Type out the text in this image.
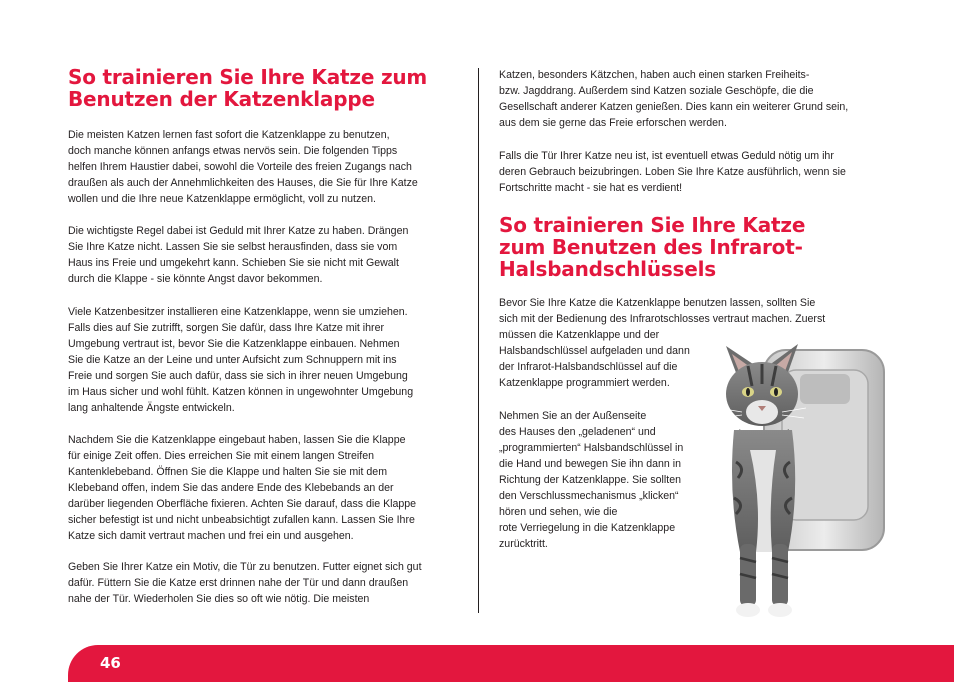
So trainieren Sie Ihre Katze zum
Benutzen der Katzenklappe
Die meisten Katzen lernen fast sofort die Katzenklappe zu benutzen,
doch manche können anfangs etwas nervös sein. Die folgenden Tipps
helfen Ihrem Haustier dabei, sowohl die Vorteile des freien Zugangs nach
draußen als auch der Annehmlichkeiten des Hauses, die Sie für Ihre Katze
wollen und die Ihre neue Katzenklappe ermöglicht, voll zu nutzen.
Die wichtigste Regel dabei ist Geduld mit Ihrer Katze zu haben. Drängen
Sie Ihre Katze nicht. Lassen Sie sie selbst herausfinden, dass sie vom
Haus ins Freie und umgekehrt kann. Schieben Sie sie nicht mit Gewalt
durch die Klappe - sie könnte Angst davor bekommen.
Viele Katzenbesitzer installieren eine Katzenklappe, wenn sie umziehen.
Falls dies auf Sie zutrifft, sorgen Sie dafür, dass Ihre Katze mit ihrer
Umgebung vertraut ist, bevor Sie die Katzenklappe einbauen. Nehmen
Sie die Katze an der Leine und unter Aufsicht zum Schnuppern mit ins
Freie und sorgen Sie auch dafür, dass sie sich in ihrer neuen Umgebung
im Haus sicher und wohl fühlt. Katzen können in ungewohnter Umgebung
lang anhaltende Ängste entwickeln.
Nachdem Sie die Katzenklappe eingebaut haben, lassen Sie die Klappe
für einige Zeit offen. Dies erreichen Sie mit einem langen Streifen
Kantenklebeband. Öffnen Sie die Klappe und halten Sie sie mit dem
Klebeband offen, indem Sie das andere Ende des Klebebands an der
darüber liegenden Oberfläche fixieren. Achten Sie darauf, dass die Klappe
sicher befestigt ist und nicht unbeabsichtigt zufallen kann. Lassen Sie Ihre
Katze sich damit vertraut machen und frei ein und ausgehen.
Geben Sie Ihrer Katze ein Motiv, die Tür zu benutzen. Futter eignet sich gut
dafür. Füttern Sie die Katze erst drinnen nahe der Tür und dann draußen
nahe der Tür. Wiederholen Sie dies so oft wie nötig. Die meisten
Katzen, besonders Kätzchen, haben auch einen starken Freiheits-
bzw. Jagddrang. Außerdem sind Katzen soziale Geschöpfe, die die
Gesellschaft anderer Katzen genießen. Dies kann ein weiterer Grund sein,
aus dem sie gerne das Freie erforschen werden.
Falls die Tür Ihrer Katze neu ist, ist eventuell etwas Geduld nötig um ihr
deren Gebrauch beizubringen. Loben Sie Ihre Katze ausführlich, wenn sie
Fortschritte macht - sie hat es verdient!
So trainieren Sie Ihre Katze
zum Benutzen des Infrarot-
Halsbandschlüssels
Bevor Sie Ihre Katze die Katzenklappe benutzen lassen, sollten Sie
sich mit der Bedienung des Infrarotschlosses vertraut machen. Zuerst
müssen die Katzenklappe und der
Halsbandschlüssel aufgeladen und dann
der Infrarot-Halsbandschlüssel auf die
Katzenklappe programmiert werden.
Nehmen Sie an der Außenseite
des Hauses den „geladenen“ und
„programmierten“ Halsbandschlüssel in
die Hand und bewegen Sie ihn dann in
Richtung der Katzenklappe. Sie sollten
den Verschlussmechanismus „klicken“
hören und sehen, wie die
rote Verriegelung in die Katzenklappe
zurücktritt.
46
